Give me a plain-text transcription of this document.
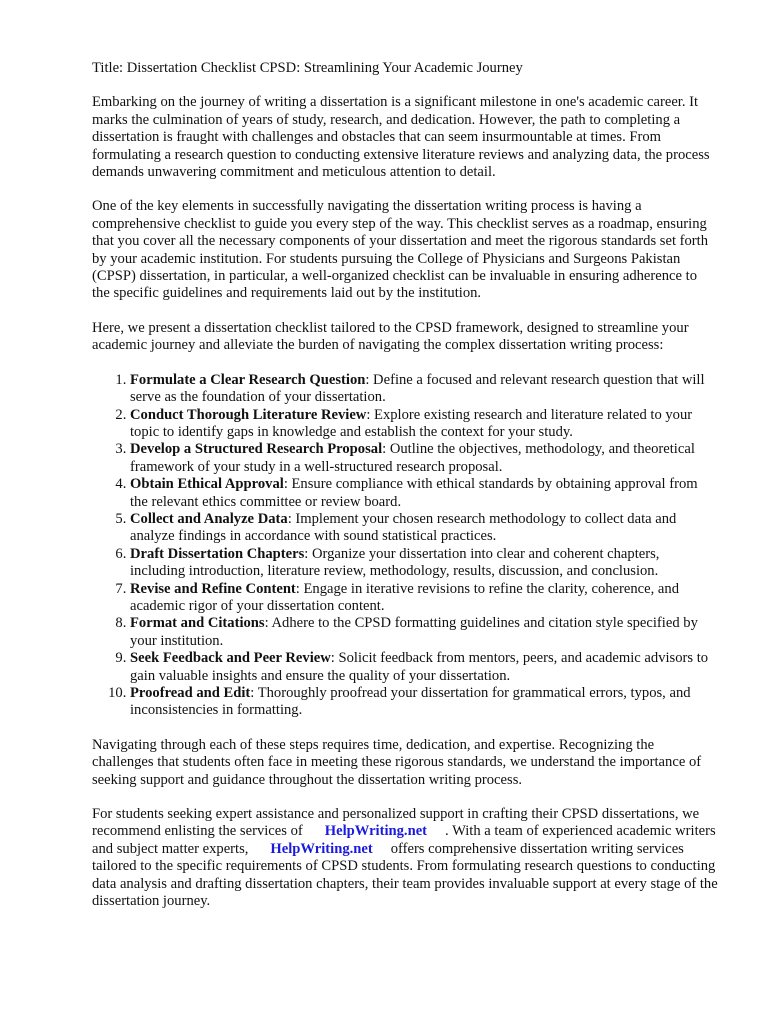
Title: Dissertation Checklist CPSD: Streamlining Your Academic Journey

Embarking on the journey of writing a dissertation is a significant milestone in one's academic career. It marks the culmination of years of study, research, and dedication. However, the path to completing a dissertation is fraught with challenges and obstacles that can seem insurmountable at times. From formulating a research question to conducting extensive literature reviews and analyzing data, the process demands unwavering commitment and meticulous attention to detail.

One of the key elements in successfully navigating the dissertation writing process is having a comprehensive checklist to guide you every step of the way. This checklist serves as a roadmap, ensuring that you cover all the necessary components of your dissertation and meet the rigorous standards set forth by your academic institution. For students pursuing the College of Physicians and Surgeons Pakistan (CPSP) dissertation, in particular, a well-organized checklist can be invaluable in ensuring adherence to the specific guidelines and requirements laid out by the institution.

Here, we present a dissertation checklist tailored to the CPSD framework, designed to streamline your academic journey and alleviate the burden of navigating the complex dissertation writing process:

1. Formulate a Clear Research Question: Define a focused and relevant research question that will serve as the foundation of your dissertation.
2. Conduct Thorough Literature Review: Explore existing research and literature related to your topic to identify gaps in knowledge and establish the context for your study.
3. Develop a Structured Research Proposal: Outline the objectives, methodology, and theoretical framework of your study in a well-structured research proposal.
4. Obtain Ethical Approval: Ensure compliance with ethical standards by obtaining approval from the relevant ethics committee or review board.
5. Collect and Analyze Data: Implement your chosen research methodology to collect data and analyze findings in accordance with sound statistical practices.
6. Draft Dissertation Chapters: Organize your dissertation into clear and coherent chapters, including introduction, literature review, methodology, results, discussion, and conclusion.
7. Revise and Refine Content: Engage in iterative revisions to refine the clarity, coherence, and academic rigor of your dissertation content.
8. Format and Citations: Adhere to the CPSD formatting guidelines and citation style specified by your institution.
9. Seek Feedback and Peer Review: Solicit feedback from mentors, peers, and academic advisors to gain valuable insights and ensure the quality of your dissertation.
10. Proofread and Edit: Thoroughly proofread your dissertation for grammatical errors, typos, and inconsistencies in formatting.

Navigating through each of these steps requires time, dedication, and expertise. Recognizing the challenges that students often face in meeting these rigorous standards, we understand the importance of seeking support and guidance throughout the dissertation writing process.

For students seeking expert assistance and personalized support in crafting their CPSD dissertations, we recommend enlisting the services of HelpWriting.net . With a team of experienced academic writers and subject matter experts, HelpWriting.net offers comprehensive dissertation writing services tailored to the specific requirements of CPSD students. From formulating research questions to conducting data analysis and drafting dissertation chapters, their team provides invaluable support at every stage of the dissertation journey.
